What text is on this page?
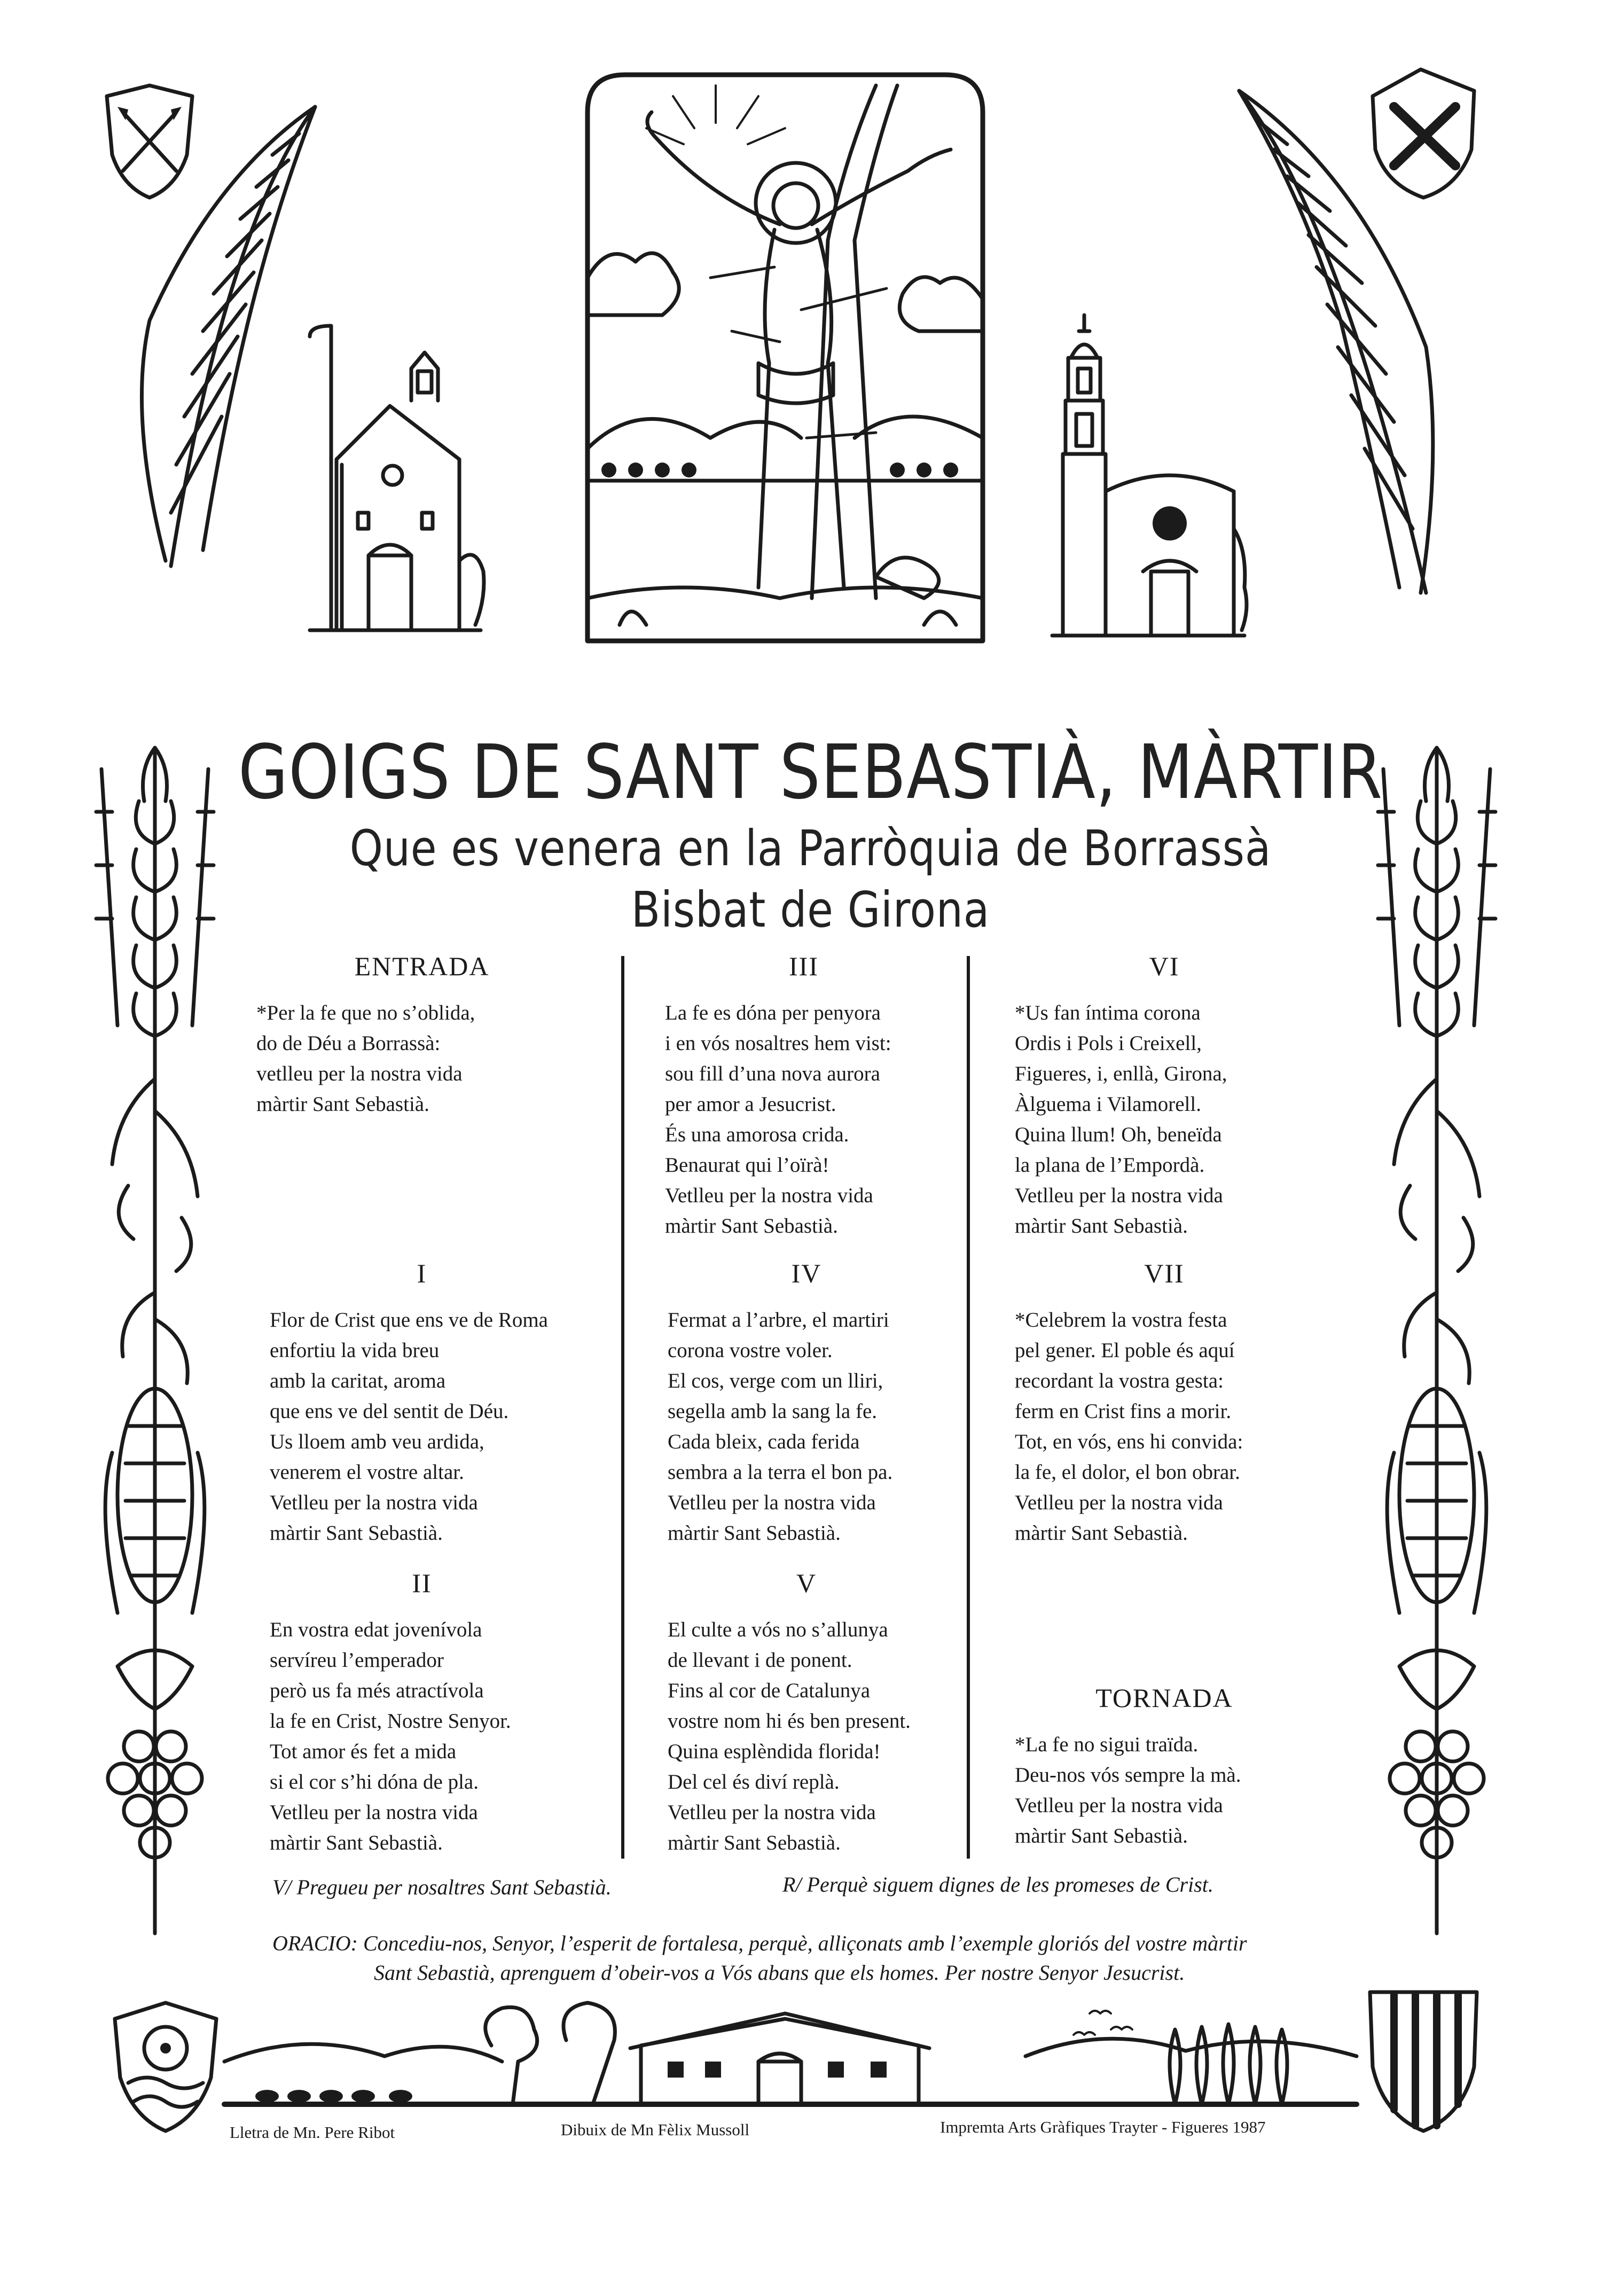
GOIGS DE SANT SEBASTIÀ, MÀRTIR
Que es venera en la Parròquia de Borrassà
Bisbat de Girona
ENTRADA
*Per la fe que no s’oblida,
do de Déu a Borrassà:
vetlleu per la nostra vida
màrtir Sant Sebastià.
I
Flor de Crist que ens ve de Roma
enfortiu la vida breu
amb la caritat, aroma
que ens ve del sentit de Déu.
Us lloem amb veu ardida,
venerem el vostre altar.
Vetlleu per la nostra vida
màrtir Sant Sebastià.
II
En vostra edat jovenívola
servíreu l’emperador
però us fa més atractívola
la fe en Crist, Nostre Senyor.
Tot amor és fet a mida
si el cor s’hi dóna de pla.
Vetlleu per la nostra vida
màrtir Sant Sebastià.
III
La fe es dóna per penyora
i en vós nosaltres hem vist:
sou fill d’una nova aurora
per amor a Jesucrist.
És una amorosa crida.
Benaurat qui l’oïrà!
Vetlleu per la nostra vida
màrtir Sant Sebastià.
IV
Fermat a l’arbre, el martiri
corona vostre voler.
El cos, verge com un lliri,
segella amb la sang la fe.
Cada bleix, cada ferida
sembra a la terra el bon pa.
Vetlleu per la nostra vida
màrtir Sant Sebastià.
V
El culte a vós no s’allunya
de llevant i de ponent.
Fins al cor de Catalunya
vostre nom hi és ben present.
Quina esplèndida florida!
Del cel és diví replà.
Vetlleu per la nostra vida
màrtir Sant Sebastià.
VI
*Us fan íntima corona
Ordis i Pols i Creixell,
Figueres, i, enllà, Girona,
Àlguema i Vilamorell.
Quina llum! Oh, beneïda
la plana de l’Empordà.
Vetlleu per la nostra vida
màrtir Sant Sebastià.
VII
*Celebrem la vostra festa
pel gener. El poble és aquí
recordant la vostra gesta:
ferm en Crist fins a morir.
Tot, en vós, ens hi convida:
la fe, el dolor, el bon obrar.
Vetlleu per la nostra vida
màrtir Sant Sebastià.
TORNADA
*La fe no sigui traïda.
Deu-nos vós sempre la mà.
Vetlleu per la nostra vida
màrtir Sant Sebastià.
V/ Pregueu per nosaltres Sant Sebastià.	R/ Perquè siguem dignes de les promeses de Crist.
ORACIO: Concediu-nos, Senyor, l’esperit de fortalesa, perquè, alliçonats amb l’exemple gloriós del vostre màrtir
Sant Sebastià, aprenguem d’obeir-vos a Vós abans que els homes. Per nostre Senyor Jesucrist.
Lletra de Mn. Pere Ribot	Dibuix de Mn Fèlix Mussoll	Impremta Arts Gràfiques Trayter - Figueres 1987
